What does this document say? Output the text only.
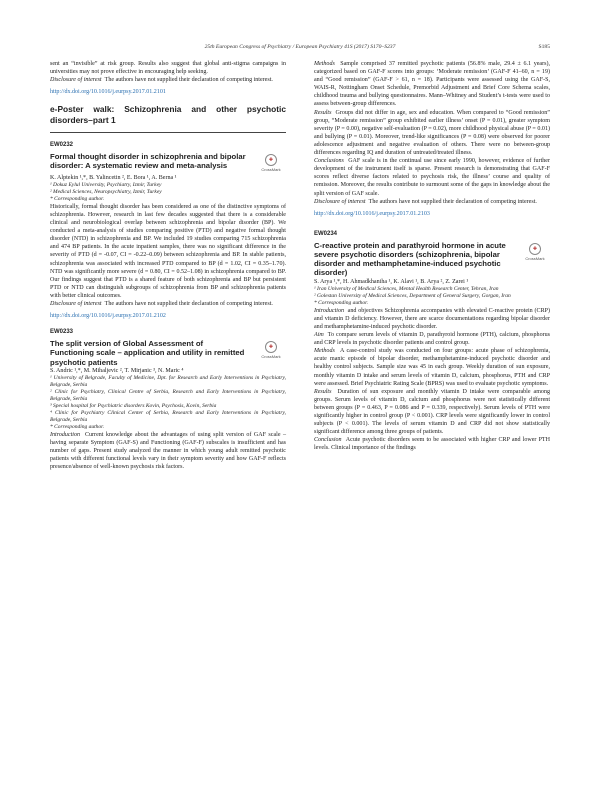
25th European Congress of Psychiatry / European Psychiatry 41S (2017) S170–S237	S185

sent an “invisible” at risk group. Results also suggest that global anti-stigma campaigns in universities may not prove effective in encouraging help seeking.

Disclosure of interest The authors have not supplied their declaration of competing interest.

http://dx.doi.org/10.1016/j.eurpsy.2017.01.2101
e-Poster walk: Schizophrenia and other psychotic disorders–part 1
EW0232
Formal thought disorder in schizophrenia and bipolar disorder: A systematic review and meta-analysis
✚
CrossMark

K. Alptekin ¹,*, B. Yalincetin ², E. Bora ¹, A. Berna ¹

¹ Dokuz Eylul University, Psychiatry, Izmir, Turkey

² Medical Sciences, Neuropsychiatry, Izmir, Turkey

* Corresponding author.

Historically, formal thought disorder has been considered as one of the distinctive symptoms of schizophrenia. However, research in last few decades suggested that there is a considerable clinical and neurobiological overlap between schizophrenia and bipolar disorder (BP). We conducted a meta-analysis of studies comparing positive (PTD) and negative formal thought disorder (NTD) in schizophrenia and BP. We included 19 studies comparing 715 schizophrenia and 474 BP patients. In the acute inpatient samples, there was no significant difference in the severity of PTD (d = -0.07, CI = -0.22–0.09) between schizophrenia and BP. In stable patients, schizophrenia was associated with increased PTD compared to BP (d = 1.02, CI = 0.35–1.70). NTD was significantly more severe (d = 0.80, CI = 0.52–1.08) in schizophrenia compared to BP. Our findings suggest that PTD is a shared feature of both schizophrenia and BP but persistent PTD or NTD can distinguish subgroups of schizophrenia from BP and schizophrenia patients with better clinical outcomes.

Disclosure of interest The authors have not supplied their declaration of competing interest.

http://dx.doi.org/10.1016/j.eurpsy.2017.01.2102
EW0233
The split version of Global Assessment of Functioning scale – application and utility in remitted psychotic patients
✚
CrossMark

S. Andric ¹,*, M. Mihaljevic ², T. Mirjanic ³, N. Maric ⁴

¹ University of Belgrade, Faculty of Medicine, Dpt. for Research and Early Interventions in Psychiatry, Belgrade, Serbia

² Clinic for Psychiatry, Clinical Centre of Serbia, Research and Early Interventions in Psychiatry, Belgrade, Serbia

³ Special hospital for Psychiatric disorders Kovin, Psychosis, Kovin, Serbia

⁴ Clinic for Psychiatry Clinical Center of Serbia, Research and Early Interventions in Psychiatry, Belgrade, Serbia

* Corresponding author.

Introduction Current knowledge about the advantages of using split version of GAF scale – having separate Symptom (GAF-S) and Functioning (GAF-F) subscales is insufficient and has number of gaps. Present study analyzed the manner in which young adult remitted psychotic patients with different functional levels vary in their symptom severity and how GAF-F reflects presence/absence of well-known psychosis risk factors.

Methods Sample comprised 37 remitted psychotic patients (56.8% male, 29.4 ± 6.1 years), categorized based on GAF-F scores into groups: ‘Moderate remission’ (GAF-F 41–60, n = 19) and “Good remission” (GAF-F > 61, n = 18). Participants were assessed using the GAF-S, WAIS-R, Nottingham Onset Schedule, Premorbid Adjustment and Brief Core Schema scales, childhood trauma and bullying questionnaires. Mann–Whitney and Student’s t-tests were used to assess between-group differences.

Results Groups did not differ in age, sex and education. When compared to “Good remission” group, “Moderate remission” group exhibited earlier illness’ onset (P = 0.01), greater symptom severity (P = 0.00), negative self-evaluation (P = 0.02), more childhood physical abuse (P = 0.01) and bullying (P = 0.01). Moreover, trend-like significances (P = 0.08) were observed for poorer adolescence adjustment and negative evaluation of others. There were no between-group differences regarding IQ and duration of untreated/treated illness.

Conclusions GAF scale is in the continual use since early 1990, however, evidence of further development of the instrument itself is sparse. Present research is demonstrating that GAF-F scores reflect diverse factors related to psychosis risk, the illness’ course and quality of remission. Moreover, the results contribute to surmount some of the gaps in knowledge about the split version of GAF scale.

Disclosure of interest The authors have not supplied their declaration of competing interest.

http://dx.doi.org/10.1016/j.eurpsy.2017.01.2103
EW0234
C-reactive protein and parathyroid hormone in acute severe psychotic disorders (schizophrenia, bipolar disorder and methamphetamine-induced psychotic disorder)
✚
CrossMark

S. Arya ¹,*, H. Ahmadkhaniha ¹, K. Alavi ¹, B. Arya ², Z. Zarei ¹

¹ Iran University of Medical Sciences, Mental Health Research Center, Tehran, Iran

² Golestan University of Medical Sciences, Department of General Surgery, Gorgan, Iran

* Corresponding author.

Introduction and objectives Schizophrenia accompanies with elevated C-reactive protein (CRP) and vitamin D deficiency. However, there are scarce documentations regarding bipolar disorder and methamphetamine-induced psychotic disorder.

Aim To compare serum levels of vitamin D, parathyroid hormone (PTH), calcium, phosphorus and CRP levels in psychotic disorder patients and control group.

Methods A case-control study was conducted on four groups: acute phase of schizophrenia, acute manic episode of bipolar disorder, methamphetamine-induced psychotic disorder and healthy control subjects. Sample size was 45 in each group. Weekly duration of sun exposure, monthly vitamin D intake and serum levels of vitamin D, calcium, phosphorus, PTH and CRP were assessed. Brief Psychiatric Rating Scale (BPRS) was used to evaluate psychotic symptoms.

Results Duration of sun exposure and monthly vitamin D intake were comparable among groups. Serum levels of vitamin D, calcium and phosphorus were not statistically different between groups (P = 0.463, P = 0.086 and P = 0.339, respectively). Serum levels of PTH were significantly higher in control group (P < 0.001). CRP levels were significantly lower in control subjects (P < 0.001). The levels of serum vitamin D and CRP did not show statistically significant difference among three groups of patients.

Conclusion Acute psychotic disorders seem to be associated with higher CRP and lower PTH levels. Clinical importance of the findings
